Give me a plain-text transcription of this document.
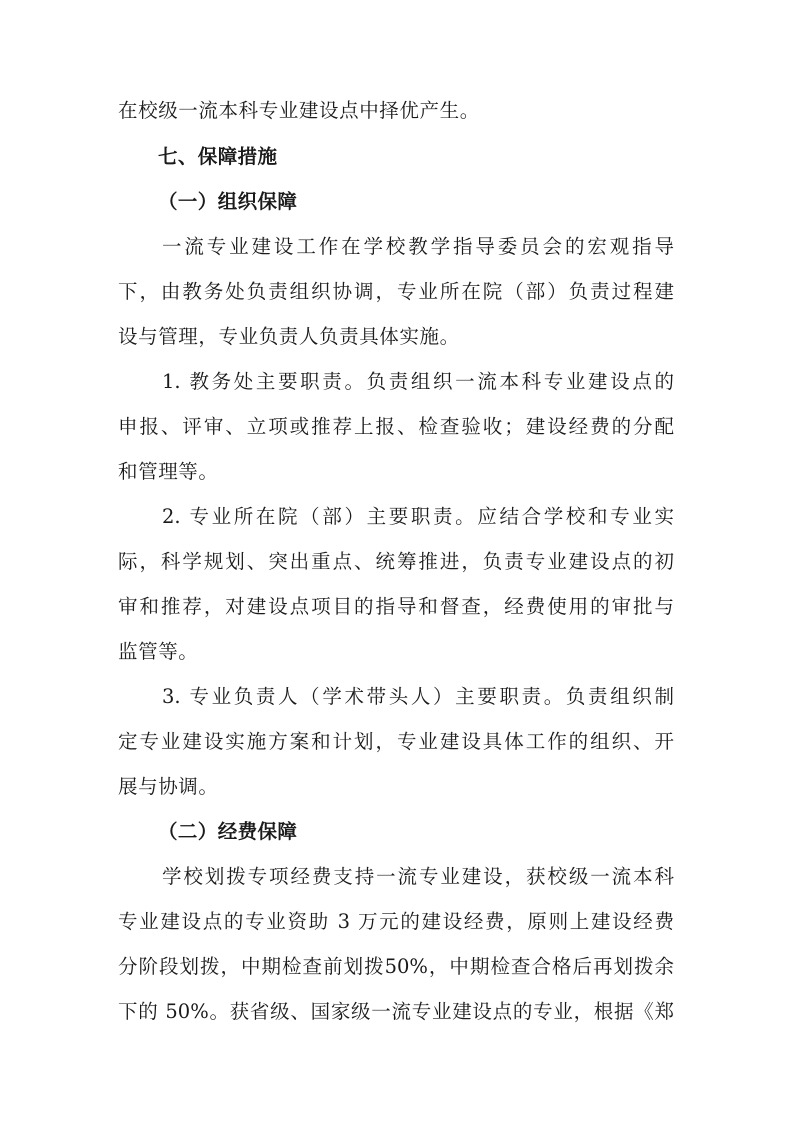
在校级一流本科专业建设点中择优产生。
七、保障措施
（一）组织保障
一流专业建设工作在学校教学指导委员会的宏观指导
下，由教务处负责组织协调，专业所在院（部）负责过程建
设与管理，专业负责人负责具体实施。
1. 教务处主要职责。负责组织一流本科专业建设点的
申报、评审、立项或推荐上报、检查验收；建设经费的分配
和管理等。
2. 专业所在院（部）主要职责。应结合学校和专业实
际，科学规划、突出重点、统筹推进，负责专业建设点的初
审和推荐，对建设点项目的指导和督查，经费使用的审批与
监管等。
3. 专业负责人（学术带头人）主要职责。负责组织制
定专业建设实施方案和计划，专业建设具体工作的组织、开
展与协调。
（二）经费保障
学校划拨专项经费支持一流专业建设，获校级一流本科
专业建设点的专业资助 3 万元的建设经费，原则上建设经费
分阶段划拨，中期检查前划拨50%，中期检查合格后再划拨余
下的 50%。获省级、国家级一流专业建设点的专业，根据《郑
